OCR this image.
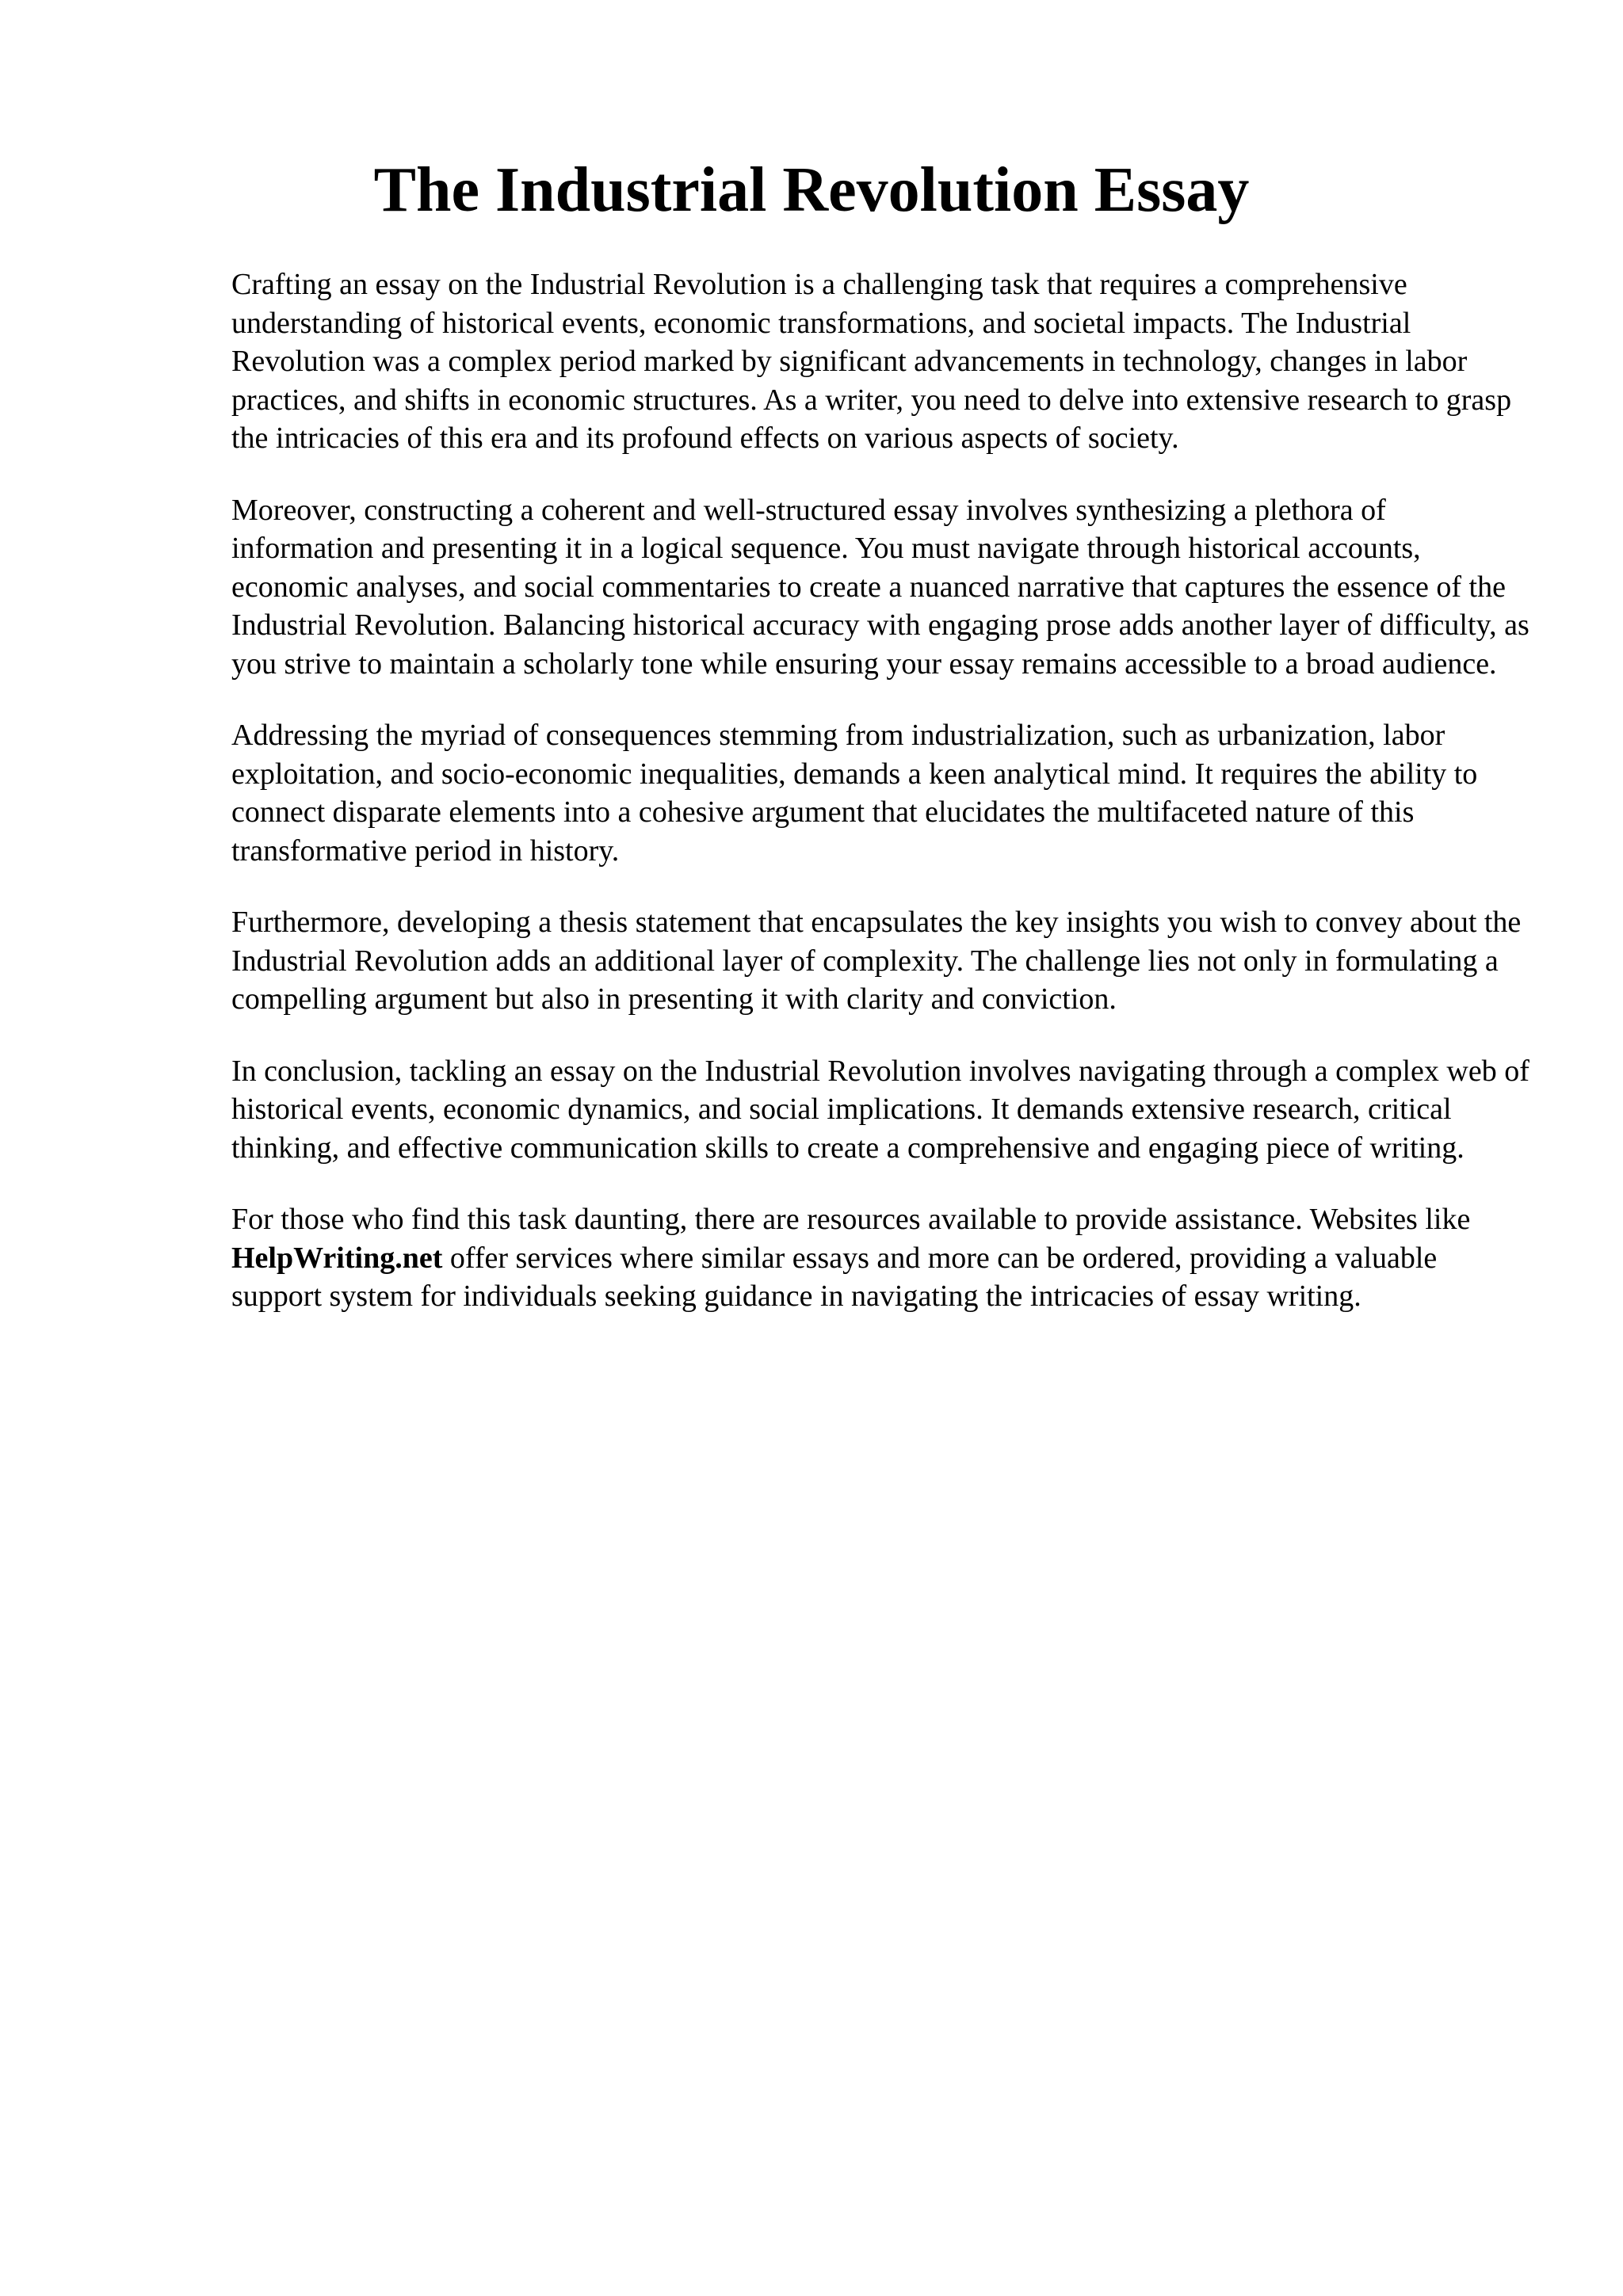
The Industrial Revolution Essay

Crafting an essay on the Industrial Revolution is a challenging task that requires a comprehensive understanding of historical events, economic transformations, and societal impacts. The Industrial Revolution was a complex period marked by significant advancements in technology, changes in labor practices, and shifts in economic structures. As a writer, you need to delve into extensive research to grasp the intricacies of this era and its profound effects on various aspects of society.

Moreover, constructing a coherent and well-structured essay involves synthesizing a plethora of information and presenting it in a logical sequence. You must navigate through historical accounts, economic analyses, and social commentaries to create a nuanced narrative that captures the essence of the Industrial Revolution. Balancing historical accuracy with engaging prose adds another layer of difficulty, as you strive to maintain a scholarly tone while ensuring your essay remains accessible to a broad audience.

Addressing the myriad of consequences stemming from industrialization, such as urbanization, labor exploitation, and socio-economic inequalities, demands a keen analytical mind. It requires the ability to connect disparate elements into a cohesive argument that elucidates the multifaceted nature of this transformative period in history.

Furthermore, developing a thesis statement that encapsulates the key insights you wish to convey about the Industrial Revolution adds an additional layer of complexity. The challenge lies not only in formulating a compelling argument but also in presenting it with clarity and conviction.

In conclusion, tackling an essay on the Industrial Revolution involves navigating through a complex web of historical events, economic dynamics, and social implications. It demands extensive research, critical thinking, and effective communication skills to create a comprehensive and engaging piece of writing.

For those who find this task daunting, there are resources available to provide assistance. Websites like HelpWriting.net offer services where similar essays and more can be ordered, providing a valuable support system for individuals seeking guidance in navigating the intricacies of essay writing.
